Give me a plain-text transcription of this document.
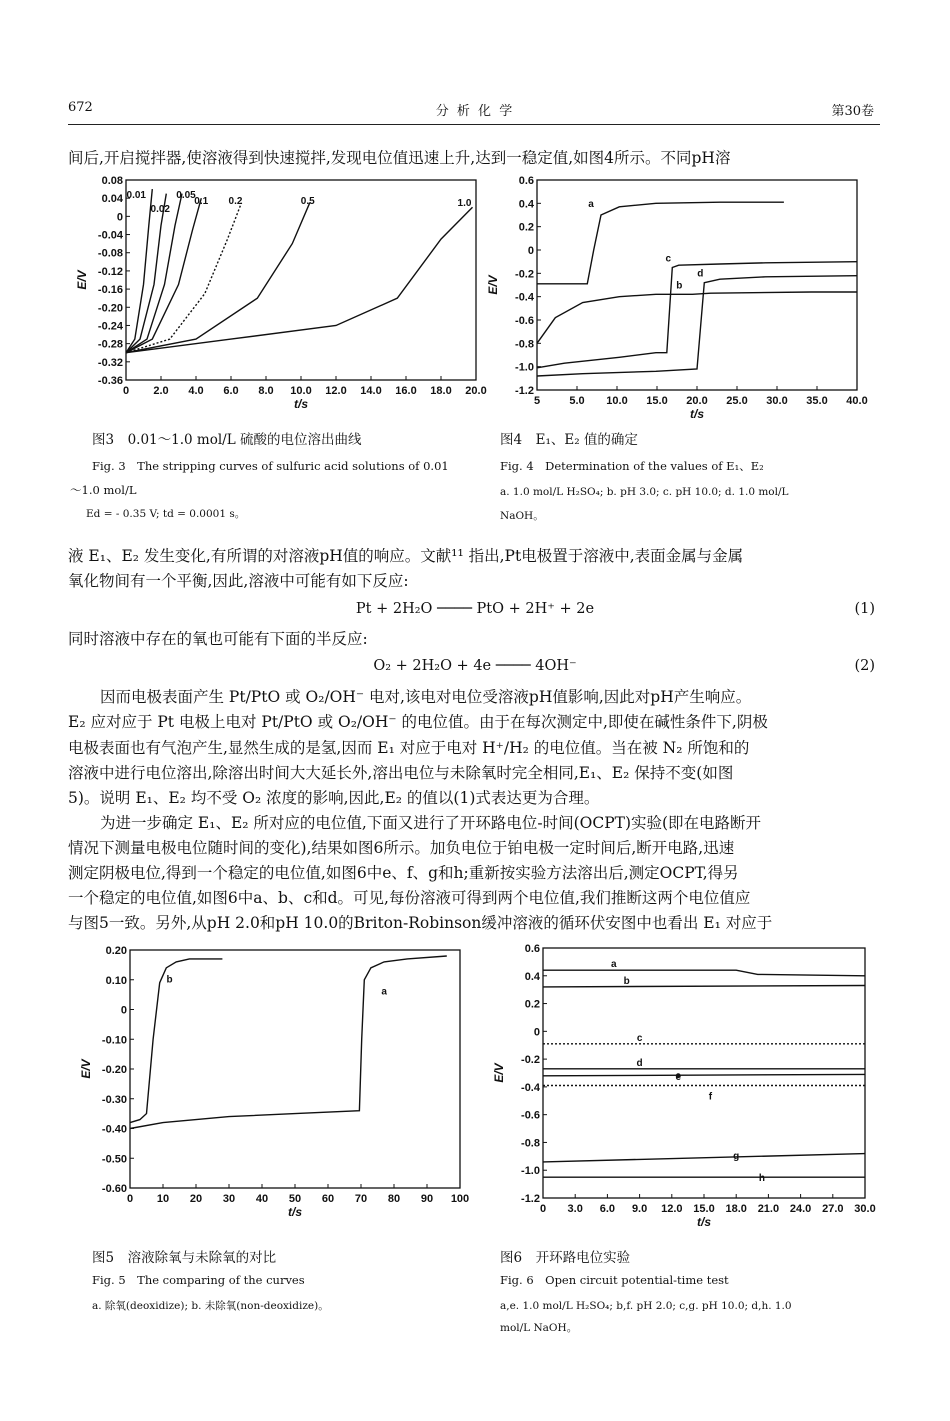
672	分 析 化 学	第30卷
间后,开启搅拌器,使溶液得到快速搅拌,发现电位值迅速上升,达到一稳定值,如图4所示。不同pH溶
0.08
0.04
0
-0.04
-0.08
-0.12
-0.16
-0.20
-0.24
-0.28
-0.32
-0.36
0 2.0 4.0 6.0 8.0 10.0 12.0 14.0 16.0 18.0 20.0
t/s
E/V
0.01
0.02
0.05
0.1 0.2	0.5	1.0
图3　0.01～1.0 mol/L 硫酸的电位溶出曲线
Fig. 3　The stripping curves of sulfuric acid solutions of 0.01
～1.0 mol/L
Ed = - 0.35 V; td = 0.0001 s。
0.6
0.4
0.2
0
-0.2
-0.4
-0.6
-0.8
-1.0
-1.2
5	5.0 10.0 15.0 20.0 25.0 30.0 35.0 40.0
t/s
E/V
a
b
c
d
图4　E₁、E₂ 值的确定
Fig. 4　Determination of the values of E₁、E₂
a. 1.0 mol/L H₂SO₄; b. pH 3.0; c. pH 10.0; d. 1.0 mol/L
NaOH。
液 E₁、E₂ 发生变化,有所谓的对溶液pH值的响应。文献¹¹ 指出,Pt电极置于溶液中,表面金属与金属
氧化物间有一个平衡,因此,溶液中可能有如下反应:
Pt + 2H₂O ──── PtO + 2H⁺ + 2e	(1)
同时溶液中存在的氧也可能有下面的半反应:
O₂ + 2H₂O + 4e ──── 4OH⁻	(2)
因而电极表面产生 Pt/PtO 或 O₂/OH⁻ 电对,该电对电位受溶液pH值影响,因此对pH产生响应。
E₂ 应对应于 Pt 电极上电对 Pt/PtO 或 O₂/OH⁻ 的电位值。由于在每次测定中,即使在碱性条件下,阴极
电极表面也有气泡产生,显然生成的是氢,因而 E₁ 对应于电对 H⁺/H₂ 的电位值。当在被 N₂ 所饱和的
溶液中进行电位溶出,除溶出时间大大延长外,溶出电位与未除氧时完全相同,E₁、E₂ 保持不变(如图
5)。说明 E₁、E₂ 均不受 O₂ 浓度的影响,因此,E₂ 的值以(1)式表达更为合理。
为进一步确定 E₁、E₂ 所对应的电位值,下面又进行了开环路电位-时间(OCPT)实验(即在电路断开
情况下测量电极电位随时间的变化),结果如图6所示。加负电位于铂电极一定时间后,断开电路,迅速
测定阴极电位,得到一个稳定的电位值,如图6中e、f、g和h;重新按实验方法溶出后,测定OCPT,得另
一个稳定的电位值,如图6中a、b、c和d。可见,每份溶液可得到两个电位值,我们推断这两个电位值应
与图5一致。另外,从pH 2.0和pH 10.0的Briton-Robinson缓冲溶液的循环伏安图中也看出 E₁ 对应于
0.20
0.10
0
-0.10
-0.20
-0.30
-0.40
-0.50
-0.60
0 10 20 30 40 50 60 70 80 90 100
t/s
E/V
b
a
图5　溶液除氧与未除氧的对比
Fig. 5　The comparing of the curves
a. 除氧(deoxidize); b. 未除氧(non-deoxidize)。
0.6
0.4
0.2
0
-0.2
-0.4
-0.6
-0.8
-1.0
-1.2
0 3.0 6.0 9.0 12.0 15.0 18.0 21.0 24.0 27.0 30.0
t/s
E/V
a
b
c
d
f
g
h
图6　开环路电位实验
Fig. 6　Open circuit potential-time test
a,e. 1.0 mol/L H₂SO₄; b,f. pH 2.0; c,g. pH 10.0; d,h. 1.0
mol/L NaOH。
